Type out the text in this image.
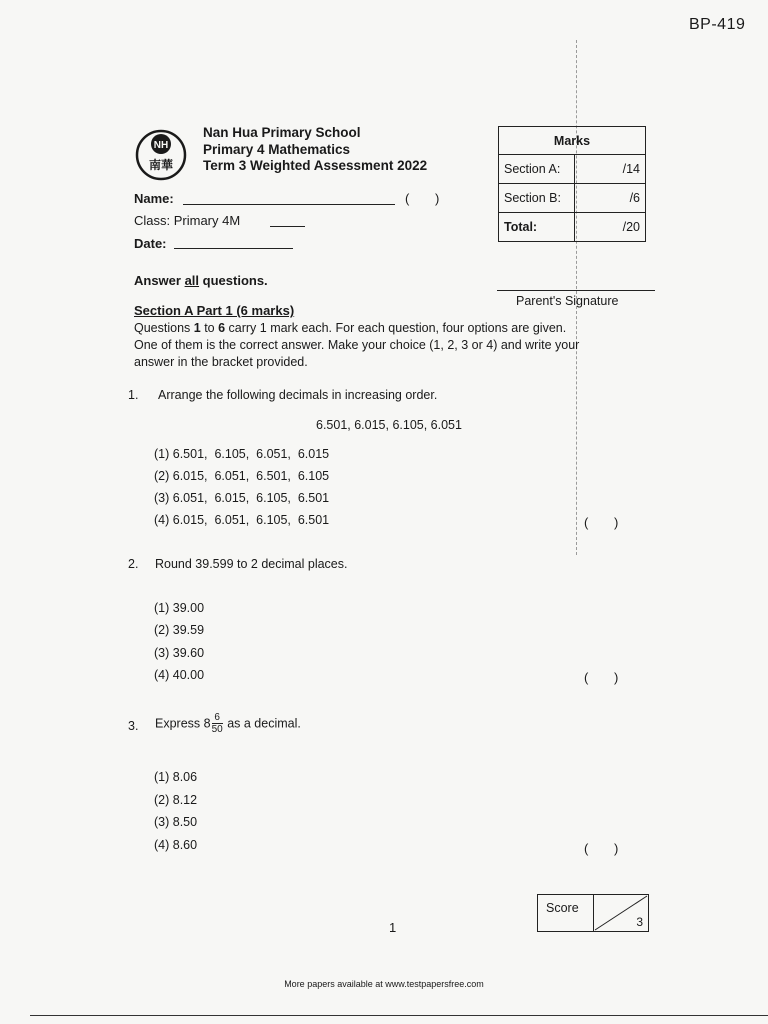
BP-419
NH
南華
Nan Hua Primary School
Primary 4 Mathematics
Term 3 Weighted Assessment 2022
Marks	
Section A:	/14
Section B:	/6
Total:	/20
Name:	( )
Class: Primary 4M
Date:
Parent's Signature
Answer all questions.
Section A Part 1 (6 marks)
Questions 1 to 6 carry 1 mark each. For each question, four options are given.
One of them is the correct answer. Make your choice (1, 2, 3 or 4) and write your
answer in the bracket provided.
1. Arrange the following decimals in increasing order.
6.501, 6.015, 6.105, 6.051
(1) 6.501,  6.105,  6.051,  6.015
(2) 6.015,  6.051,  6.501,  6.105
(3) 6.051,  6.015,  6.105,  6.501
(4) 6.015,  6.051,  6.105,  6.501	( )
2. Round 39.599 to 2 decimal places.
(1) 39.00
(2) 39.59
(3) 39.60
(4) 40.00	( )
3. Express $8 \frac{6}{50}$ as a decimal.
(1) 8.06
(2) 8.12
(3) 8.50
(4) 8.60	( )
Score
3
1
More papers available at www.testpapersfree.com
